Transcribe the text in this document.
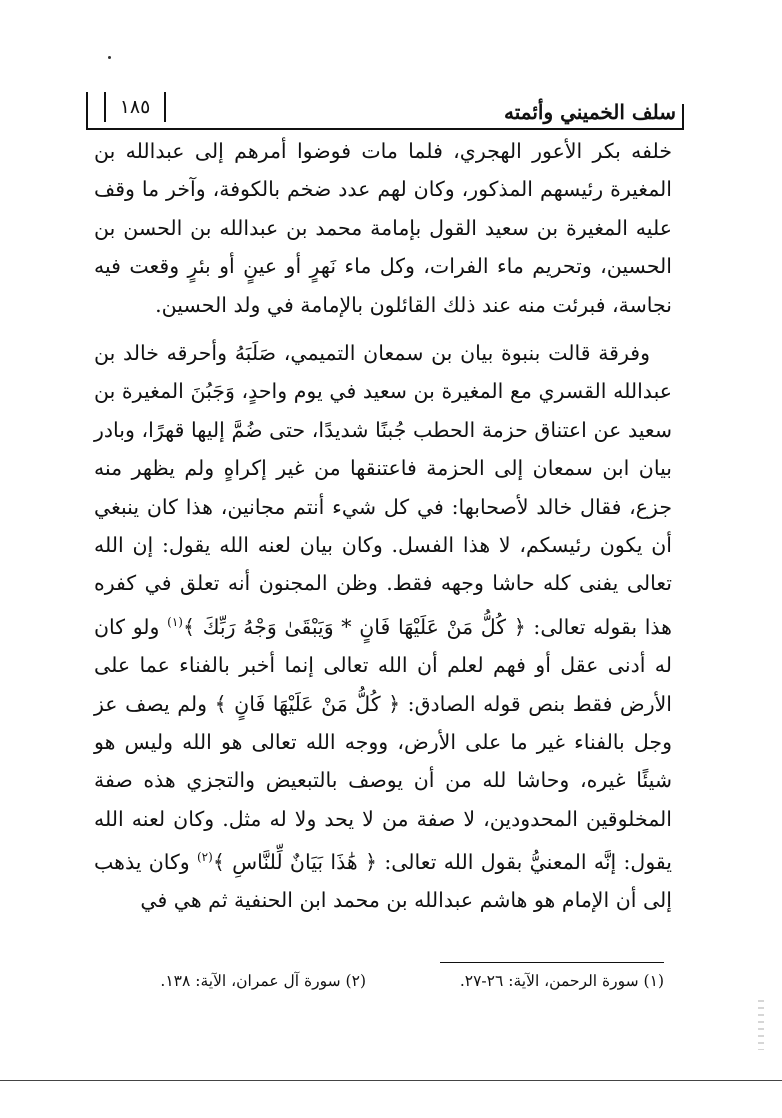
سلف الخميني وأئمته
١٨٥

خلفه بكر الأعور الهجري، فلما مات فوضوا أمرهم إلى عبدالله بن المغيرة رئيسهم المذكور، وكان لهم عدد ضخم بالكوفة، وآخر ما وقف عليه المغيرة بن سعيد القول بإمامة محمد بن عبدالله بن الحسن بن الحسين، وتحريم ماء الفرات، وكل ماء نَهرٍ أو عينٍ أو بئرٍ وقعت فيه نجاسة، فبرئت منه عند ذلك القائلون بالإمامة في ولد الحسين.

وفرقة قالت بنبوة بيان بن سمعان التميمي، صَلَبَهُ وأحرقه خالد بن عبدالله القسري مع المغيرة بن سعيد في يوم واحدٍ، وَجَبُنَ المغيرة بن سعيد عن اعتناق حزمة الحطب جُبنًا شديدًا، حتى ضُمَّ إليها قهرًا، وبادر بيان ابن سمعان إلى الحزمة فاعتنقها من غير إكراهٍ ولم يظهر منه جزع، فقال خالد لأصحابها: في كل شيء أنتم مجانين، هذا كان ينبغي أن يكون رئيسكم، لا هذا الفسل. وكان بيان لعنه الله يقول: إن الله تعالى يفنى كله حاشا وجهه فقط. وظن المجنون أنه تعلق في كفره هذا بقوله تعالى: ﴿ كُلُّ مَنْ عَلَيْهَا فَانٍ * وَيَبْقَىٰ وَجْهُ رَبِّكَ ﴾$^{(١)}$ ولو كان له أدنى عقل أو فهم لعلم أن الله تعالى إنما أخبر بالفناء عما على الأرض فقط بنص قوله الصادق: ﴿ كُلُّ مَنْ عَلَيْهَا فَانٍ ﴾ ولم يصف عز وجل بالفناء غير ما على الأرض، ووجه الله تعالى هو الله وليس هو شيئًا غيره، وحاشا لله من أن يوصف بالتبعيض والتجزي هذه صفة المخلوقين المحدودين، لا صفة من لا يحد ولا له مثل. وكان لعنه الله يقول: إنَّه المعنيُّ بقول الله تعالى: ﴿ هَٰذَا بَيَانٌ لِّلنَّاسِ ﴾$^{(٢)}$ وكان يذهب إلى أن الإمام هو هاشم عبدالله بن محمد ابن الحنفية ثم هي في

(١) سورة الرحمن، الآية: ٢٦-٢٧.
(٢) سورة آل عمران، الآية: ١٣٨.
